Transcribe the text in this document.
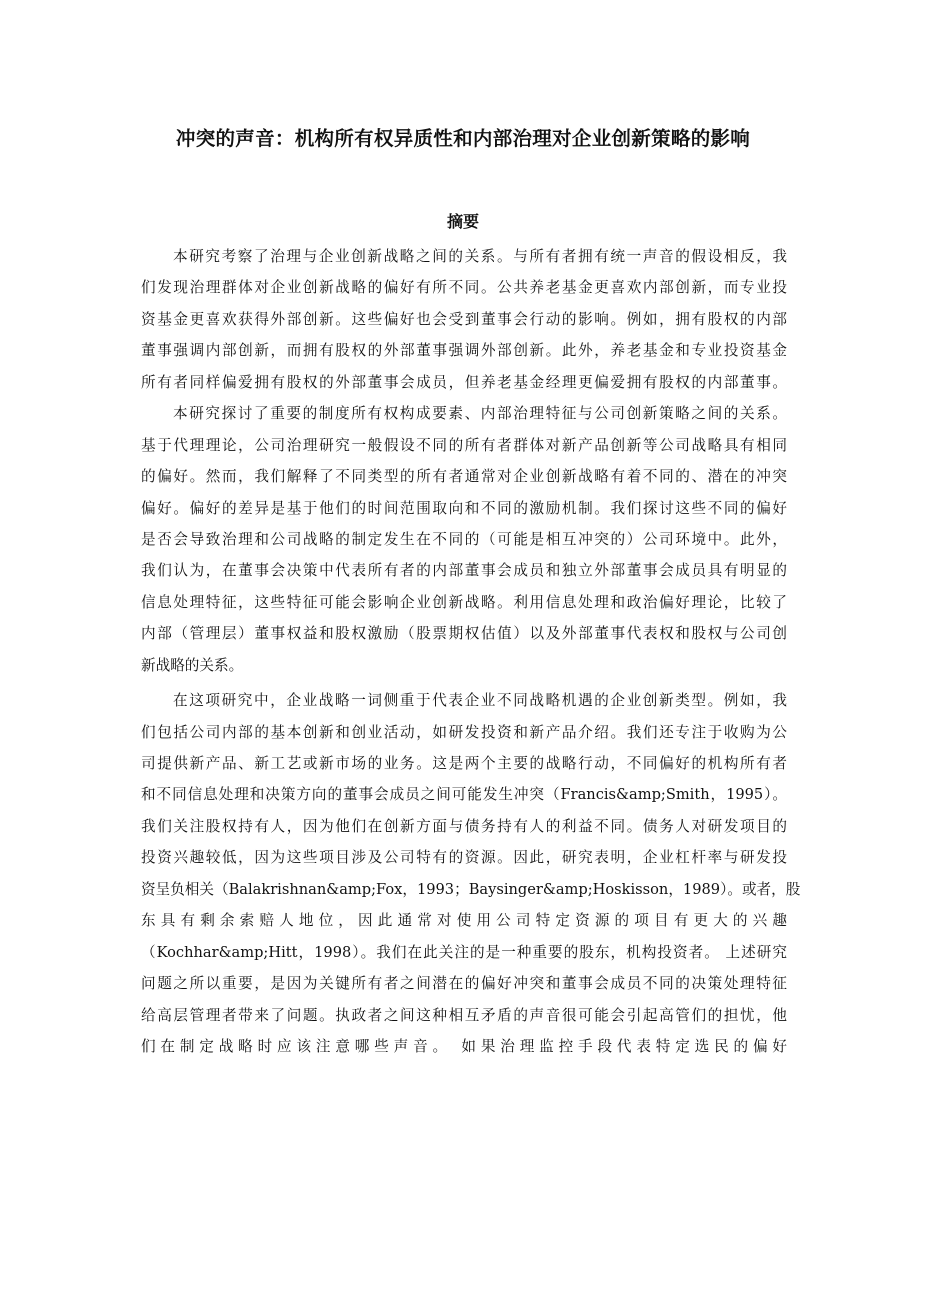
冲突的声音：机构所有权异质性和内部治理对企业创新策略的影响
摘要
本研究考察了治理与企业创新战略之间的关系。与所有者拥有统一声音的假设相反，我
们发现治理群体对企业创新战略的偏好有所不同。公共养老基金更喜欢内部创新，而专业投
资基金更喜欢获得外部创新。这些偏好也会受到董事会行动的影响。例如，拥有股权的内部
董事强调内部创新，而拥有股权的外部董事强调外部创新。此外，养老基金和专业投资基金
所有者同样偏爱拥有股权的外部董事会成员，但养老基金经理更偏爱拥有股权的内部董事。
本研究探讨了重要的制度所有权构成要素、内部治理特征与公司创新策略之间的关系。
基于代理理论，公司治理研究一般假设不同的所有者群体对新产品创新等公司战略具有相同
的偏好。然而，我们解释了不同类型的所有者通常对企业创新战略有着不同的、潜在的冲突
偏好。偏好的差异是基于他们的时间范围取向和不同的激励机制。我们探讨这些不同的偏好
是否会导致治理和公司战略的制定发生在不同的（可能是相互冲突的）公司环境中。此外，
我们认为，在董事会决策中代表所有者的内部董事会成员和独立外部董事会成员具有明显的
信息处理特征，这些特征可能会影响企业创新战略。利用信息处理和政治偏好理论，比较了
内部（管理层）董事权益和股权激励（股票期权估值）以及外部董事代表权和股权与公司创
新战略的关系。
在这项研究中，企业战略一词侧重于代表企业不同战略机遇的企业创新类型。例如，我
们包括公司内部的基本创新和创业活动，如研发投资和新产品介绍。我们还专注于收购为公
司提供新产品、新工艺或新市场的业务。这是两个主要的战略行动，不同偏好的机构所有者
和不同信息处理和决策方向的董事会成员之间可能发生冲突（Francis&amp;Smith，1995）。
我们关注股权持有人，因为他们在创新方面与债务持有人的利益不同。债务人对研发项目的
投资兴趣较低，因为这些项目涉及公司特有的资源。因此，研究表明，企业杠杆率与研发投
资呈负相关（Balakrishnan&amp;Fox，1993；Baysinger&amp;Hoskisson，1989）。或者，股
东具有剩余索赔人地位，因此通常对使用公司特定资源的项目有更大的兴趣
（Kochhar&amp;Hitt，1998）。我们在此关注的是一种重要的股东，机构投资者。 上述研究
问题之所以重要，是因为关键所有者之间潜在的偏好冲突和董事会成员不同的决策处理特征
给高层管理者带来了问题。执政者之间这种相互矛盾的声音很可能会引起高管们的担忧，他
们在制定战略时应该注意哪些声音。 如果治理监控手段代表特定选民的偏好
